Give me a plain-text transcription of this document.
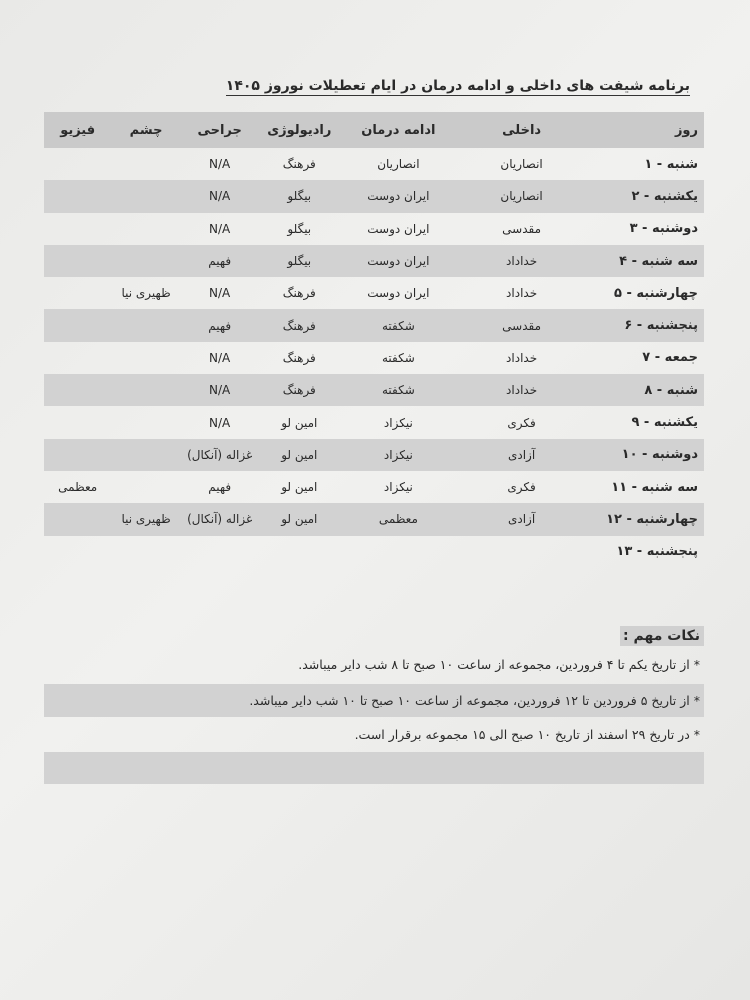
برنامه شیفت های داخلی و ادامه درمان در ایام تعطیلات نوروز ۱۴۰۵
روز	داخلی	ادامه درمان	رادیولوژی	جراحی	چشم	فیزیو
شنبه - ۱	انصاریان	انصاریان	فرهنگ	N/A		
یکشنبه - ۲	انصاریان	ایران دوست	بیگلو	N/A		
دوشنبه - ۳	مقدسی	ایران دوست	بیگلو	N/A		
سه شنبه - ۴	خداداد	ایران دوست	بیگلو	فهیم		
چهارشنبه - ۵	خداداد	ایران دوست	فرهنگ	N/A	ظهیری نیا	
پنجشنبه - ۶	مقدسی	شکفته	فرهنگ	فهیم		
جمعه - ۷	خداداد	شکفته	فرهنگ	N/A		
شنبه - ۸	خداداد	شکفته	فرهنگ	N/A		
یکشنبه - ۹	فکری	نیکزاد	امین لو	N/A		
دوشنبه - ۱۰	آزادی	نیکزاد	امین لو	غزاله (آنکال)		
سه شنبه - ۱۱	فکری	نیکزاد	امین لو	فهیم		معظمی
چهارشنبه - ۱۲	آزادی	معظمی	امین لو	غزاله (آنکال)	ظهیری نیا	
پنجشنبه - ۱۳						
نکات مهم :
* از تاریخ یکم تا ۴ فروردین، مجموعه از ساعت ۱۰ صبح تا ۸ شب دایر میباشد.
* از تاریخ ۵ فروردین تا ۱۲ فروردین، مجموعه از ساعت ۱۰ صبح تا ۱۰ شب دایر میباشد.
* در تاریخ ۲۹ اسفند از تاریخ ۱۰ صبح الی ۱۵ مجموعه برقرار است.
